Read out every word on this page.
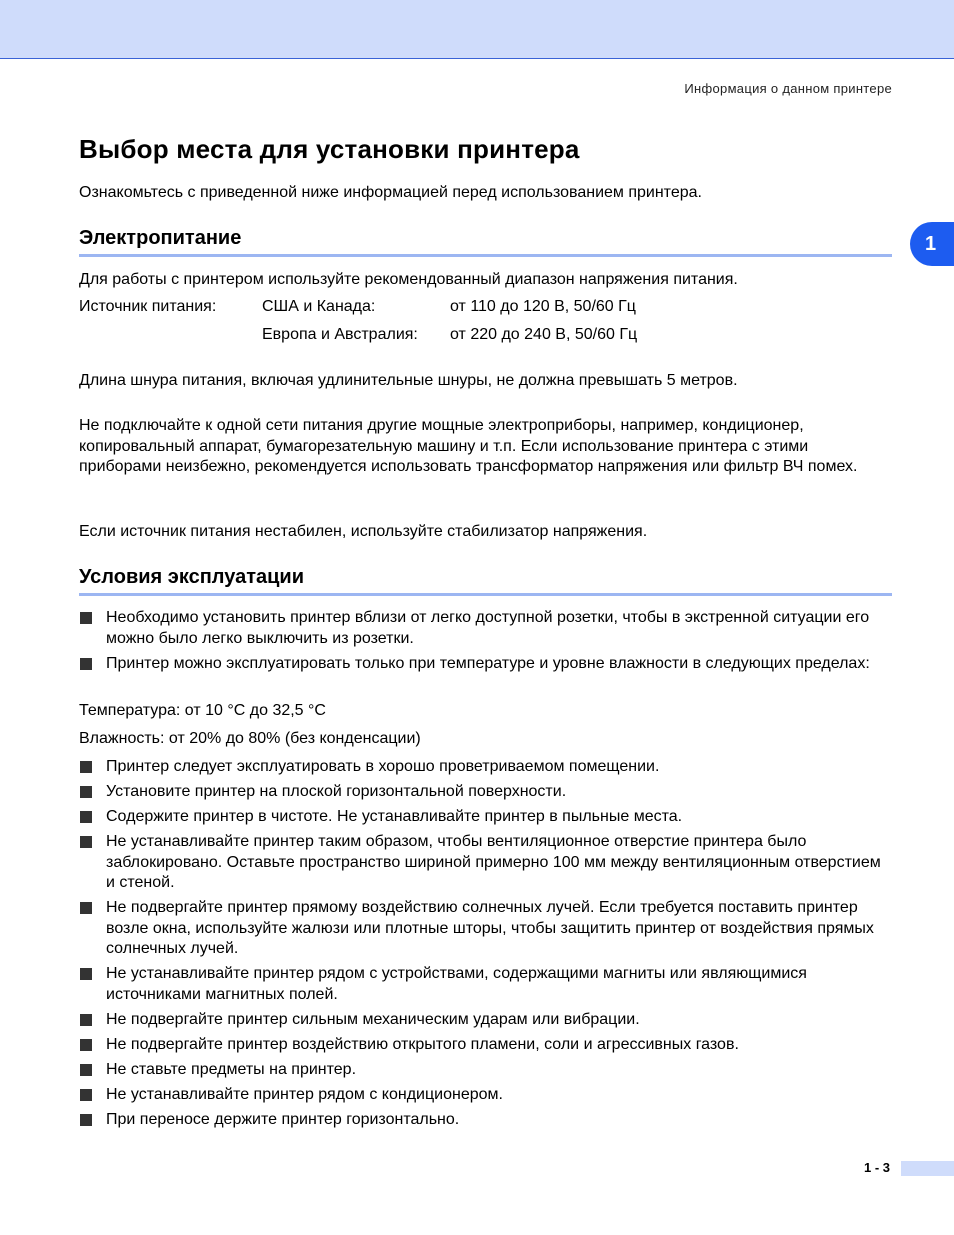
Информация о данном принтере
1
Выбор места для установки принтера

Ознакомьтесь с приведенной ниже информацией перед использованием принтера.

Электропитание

Для работы с принтером используйте рекомендованный диапазон напряжения питания.

Источник питания:	США и Канада:	от 110 до 120 В, 50/60 Гц
Европа и Австралия: от 220 до 240 В, 50/60 Гц

Длина шнура питания, включая удлинительные шнуры, не должна превышать 5 метров.

Не подключайте к одной сети питания другие мощные электроприборы, например, кондиционер, копировальный аппарат, бумагорезательную машину и т.п. Если использование принтера с этими приборами неизбежно, рекомендуется использовать трансформатор напряжения или фильтр ВЧ помех.

Если источник питания нестабилен, используйте стабилизатор напряжения.

Условия эксплуатации
Необходимо установить принтер вблизи от легко доступной розетки, чтобы в экстренной ситуации его можно было легко выключить из розетки.
Принтер можно эксплуатировать только при температуре и уровне влажности в следующих пределах:

Температура: от 10 °C до 32,5 °C

Влажность: от 20% до 80% (без конденсации)

Принтер следует эксплуатировать в хорошо проветриваемом помещении.
Установите принтер на плоской горизонтальной поверхности.
Содержите принтер в чистоте. Не устанавливайте принтер в пыльные места.
Не устанавливайте принтер таким образом, чтобы вентиляционное отверстие принтера было заблокировано. Оставьте пространство шириной примерно 100 мм между вентиляционным отверстием и стеной.
Не подвергайте принтер прямому воздействию солнечных лучей. Если требуется поставить принтер возле окна, используйте жалюзи или плотные шторы, чтобы защитить принтер от воздействия прямых солнечных лучей.
Не устанавливайте принтер рядом с устройствами, содержащими магниты или являющимися источниками магнитных полей.
Не подвергайте принтер сильным механическим ударам или вибрации.
Не подвергайте принтер воздействию открытого пламени, соли и агрессивных газов.
Не ставьте предметы на принтер.
Не устанавливайте принтер рядом с кондиционером.
При переносе держите принтер горизонтально.
1 - 3
